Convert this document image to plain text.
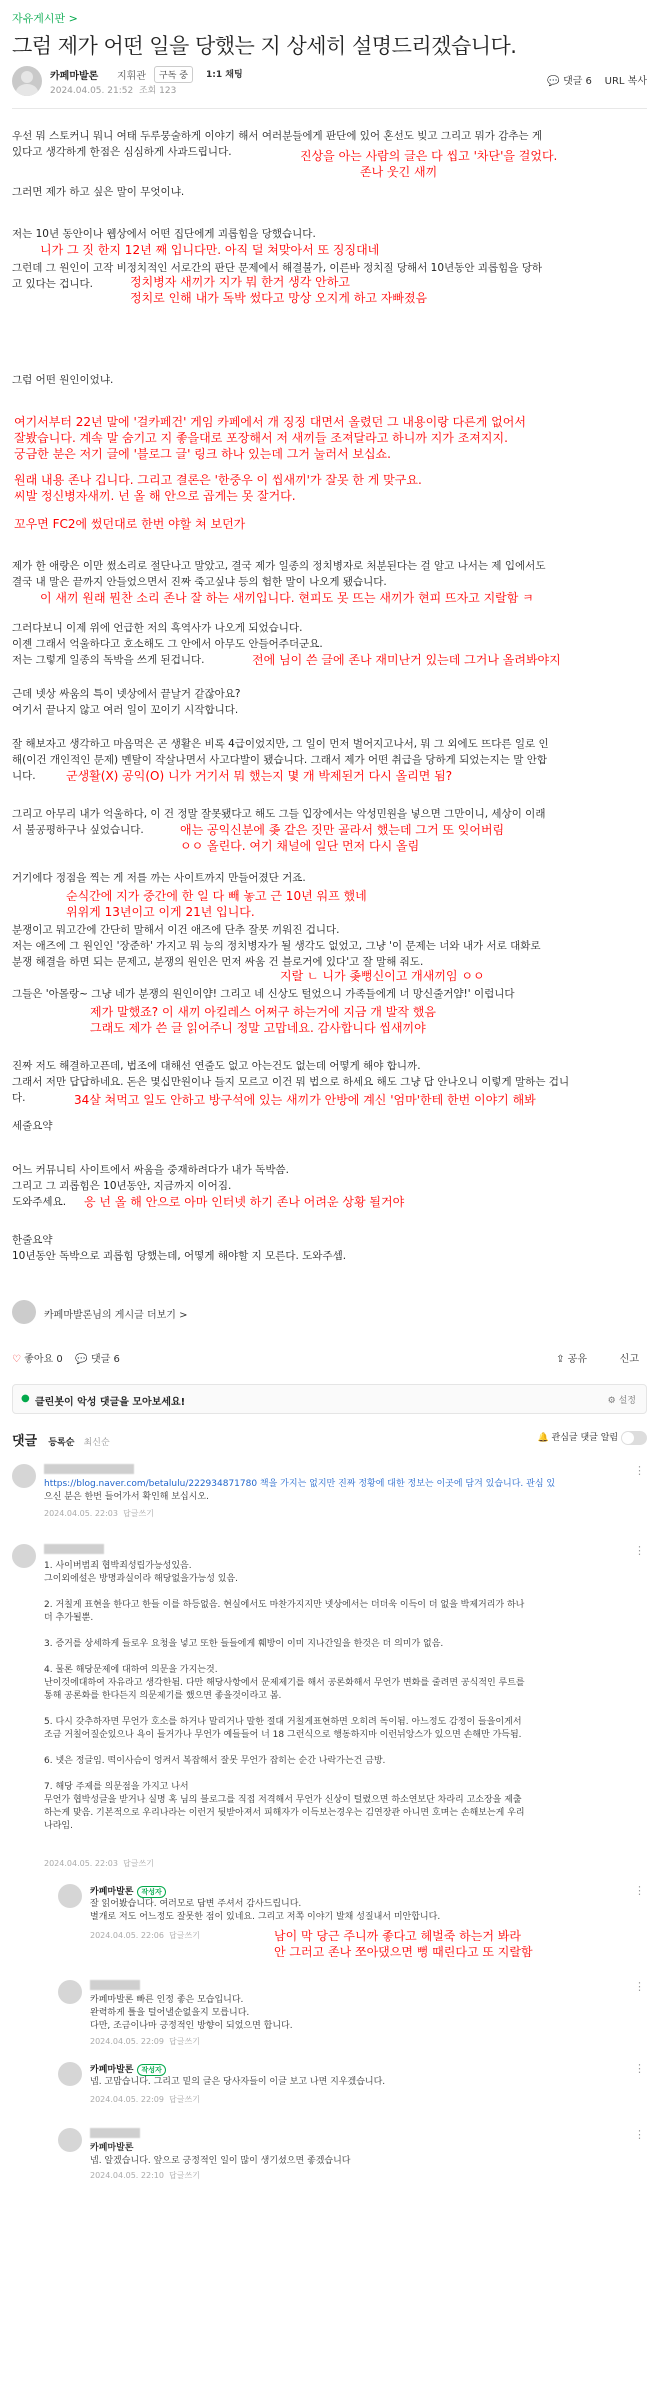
자유게시판 >
그럼 제가 어떤 일을 당했는 지 상세히 설명드리겠습니다.
카페마발론 지휘관	구독 중	1:1 채팅
2024.04.05. 21:52 조회 123
💬 댓글 6 URL 복사
우선 뭐 스토커니 뭐니 여태 두루뭉술하게 이야기 해서 여러분들에게 판단에 있어 혼선도 빚고 그리고 뭐가 감추는 게
있다고 생각하게 한점은 심심하게 사과드립니다.	진상을 아는 사람의 글은 다 씹고 '차단'을 걸었다.
존나 웃긴 새끼
그러면 제가 하고 싶은 말이 무엇이냐.
저는 10년 동안이나 웹상에서 어떤 집단에게 괴롭힘을 당했습니다.
니가 그 짓 한지 12년 째 입니다만. 아직 덜 쳐맞아서 또 징징대네
그런데 그 원인이 고작 비정치적인 서로간의 판단 문제에서 해결불가, 이른바 정치질 당해서 10년동안 괴롭힘을 당하
고 있다는 겁니다.	정치병자 새끼가 지가 뭐 한거 생각 안하고
정치로 인해 내가 독박 썼다고 망상 오지게 하고 자빠졌음
그럼 어떤 원인이었냐.
여기서부터 22년 말에 '걸카페건' 게임 카페에서 개 징징 대면서 올렸던 그 내용이랑 다른게 없어서
잘봤습니다. 계속 말 숨기고 지 좋을대로 포장해서 저 새끼들 조져달라고 하니까 지가 조져지지.
궁금한 분은 저기 글에 '블로그 글' 링크 하나 있는데 그거 눌러서 보십쇼.
원래 내용 존나 깁니다. 그리고 결론은 '한중우 이 씹새끼'가 잘못 한 게 맞구요.
씨발 정신병자새끼. 넌 올 해 안으로 곱게는 못 잘거다.
꼬우면 FC2에 썼던대로 한번 야할 쳐 보던가
제가 한 애랑은 이만 썼소리로 절단나고 말았고, 결국 제가 일종의 정치병자로 처분된다는 걸 알고 나서는 제 입에서도
결국 내 말은 끝까지 안들었으면서 진짜 죽고싶냐 등의 험한 말이 나오게 됐습니다.
이 새끼 원래 뭔찬 소리 존나 잘 하는 새끼입니다. 현피도 못 뜨는 새끼가 현피 뜨자고 지랄함 ㅋ
그러다보니 이제 위에 언급한 저의 흑역사가 나오게 되었습니다.
이젠 그래서 억울하다고 호소해도 그 안에서 아무도 안들어주더군요.
저는 그렇게 일종의 독박을 쓰게 된겁니다.	전에 님이 쓴 글에 존나 재미난거 있는데 그거나 올려봐야지
근데 넷상 싸움의 특이 넷상에서 끝날거 같잖아요?
여기서 끝나지 않고 여러 일이 꼬이기 시작합니다.
잘 해보자고 생각하고 마음먹은 곤 생활은 비록 4급이었지만, 그 일이 먼저 벌어지고나서, 뭐 그 외에도 뜨다른 일로 인
해(이건 개인적인 문제) 멘탈이 작살나면서 사고다발이 됐습니다. 그래서 제가 어떤 취급을 당하게 되었는지는 말 안합
니다.	군생활(X) 공익(O) 니가 거기서 뭐 했는지 몇 개 박제된거 다시 올리면 됨?
그리고 아무리 내가 억울하다, 이 건 정말 잘못됐다고 해도 그들 입장에서는 악성민원을 넣으면 그만이니, 세상이 이래
서 불공평하구나 싶었습니다.	애는 공익신분에 좆 같은 짓만 골라서 했는데 그거 또 잊어버림
ㅇㅇ 올린다. 여기 채널에 일단 먼저 다시 올림
거기에다 정점을 찍는 게 저를 까는 사이트까지 만들어졌단 거죠.
순식간에 지가 중간에 한 일 다 빼 놓고 근 10년 워프 했네
위위게 13년이고 이게 21년 입니다.
분쟁이고 뭐고간에 간단히 말해서 이건 애즈에 단추 잘못 끼워진 겁니다.
저는 애즈에 그 원인인 '장준하' 가지고 뭐 능의 정치병자가 될 생각도 없었고, 그냥 '이 문제는 너와 내가 서로 대화로
분쟁 해결을 하면 되는 문제고, 분쟁의 원인은 먼저 싸움 건 블로거에 있다'고 잘 말해 줘도.
지랄 ㄴ 니가 좆뻥신이고 개새끼임 ㅇㅇ
그들은 '아몰랑~ 그냥 네가 분쟁의 원인이얌! 그리고 네 신상도 털었으니 가족들에게 너 망신줄거얌!' 이럽니다
제가 말했죠? 이 새끼 아킬레스 어쩌구 하는거에 지금 개 발작 했음
그래도 제가 쓴 글 읽어주니 정말 고맙네요. 감사합니다 씹새끼야
진짜 저도 해결하고픈데, 법조에 대해선 연줄도 없고 아는건도 없는데 어떻게 해야 합니까.
그래서 저만 답답하네요. 돈은 몇십만원이나 들지 모르고 이건 뭐 법으로 하세요 해도 그냥 답 안나오니 이렇게 말하는 겁니
다.	34살 쳐먹고 일도 안하고 방구석에 있는 새끼가 안방에 계신 '엄마'한테 한번 이야기 해봐
세줄요약
어느 커뮤니티 사이트에서 싸움을 중재하려다가 내가 독박씀.
그리고 그 괴롭힘은 10년동안, 지금까지 이어짐.
도와주세요.	응 넌 올 해 안으로 아마 인터넷 하기 존나 어려운 상황 될거야
한줄요약
10년동안 독박으로 괴롭힘 당했는데, 어떻게 해야할 지 모른다. 도와주셈.
카페마발론님의 게시글 더보기 >
♡ 좋아요 0 💬 댓글 6	⇪ 공유	신고
● 클린봇이 악성 댓글을 모아보세요!	⚙ 설정
댓글 등록순 최신순	🔔 관심글 댓글 알림
https://blog.naver.com/betalulu/222934871780 책을 가지는 없지만 진짜 정황에 대한 정보는 이곳에 담겨 있습니다. 관심 있
으신 분은 한번 들어가서 확인해 보십시오.
2024.04.05. 22:03 답글쓰기
⋮
1. 사이버범죄 협박죄성립가능성있음.
그이외에설은 방명과실이라 해당없을가능성 있음.

2. 거칠게 표현을 한다고 한들 이를 하등없음. 현실에서도 마찬가지지만 넷상에서는 더더욱 이득이 더 없을 박제거리가 하나
더 추가될뿐.

3. 증거를 상세하게 들로우 요청을 넣고 또한 들들에게 훼방이 이미 지나간일을 한것은 더 의미가 없음.

4. 물론 해당문제에 대하여 의문을 가지는것.
난이것에대하여 자유라고 생각한됨. 다만 해당사항에서 문제제기를 해서 공론화해서 무언가 변화를 줄려면 공식적인 루트를
통해 공론화를 한다든지 의문제기를 했으면 좋을것이라고 봄.

5. 다시 갖추하자면 무언가 호소를 하거나 말리거나 말한 절대 거칠게표현하면 오히려 독이됨. 아느정도 감정이 들을이게서
조금 거칠어질순있으나 욕이 들거가나 무언가 예들들어 너 18 그런식으로 행동하지마 이런뉘앙스가 있으면 손해만 가득됨.

6. 넷은 정글임. 떡이사슴이 엉켜서 복잡해서 잘못 무언가 잡히는 순간 나락가는건 금방.

7. 해당 주제를 의문점을 가지고 나서
무언가 협박성글을 받거나 실명 혹 님의 블로그를 직접 저격해서 무언가 신상이 털렸으면 하소연보단 차라리 고소장을 제출
하는게 맞음. 기본적으로 우리나라는 이런거 뒷받아져서 피해자가 이득보는경우는 김연장관 아니면 호며는 손해보는게 우리
나라임.
2024.04.05. 22:03 답글쓰기
⋮
카페마발론 작성자
잘 읽어봤습니다. 여러모로 답변 주셔서 감사드립니다.
별개로 저도 어느정도 잘못한 점이 있네요. 그리고 저쪽 이야기 발채 성질내서 미안합니다.
남이 막 당근 주니까 좋다고 헤벌죽 하는거 봐라
안 그러고 존나 쪼아댔으면 뻥 때린다고 또 지랄함
2024.04.05. 22:06 답글쓰기
⋮
카페마발론 빠른 인정 좋은 모습입니다.
완력하게 틀을 털어낼순없을지 모릅니다.
다만, 조금이나마 긍정적인 방향이 되었으면 합니다.
2024.04.05. 22:09 답글쓰기
⋮
카페마발론 작성자
넵. 고맙습니다. 그리고 밑의 글은 당사자들이 이글 보고 나면 지우겠습니다.
2024.04.05. 22:09 답글쓰기
⋮
카페마발론
넵. 알겠습니다. 앞으로 긍정적인 일이 많이 생기셨으면 좋겠습니다
2024.04.05. 22:10 답글쓰기
⋮
